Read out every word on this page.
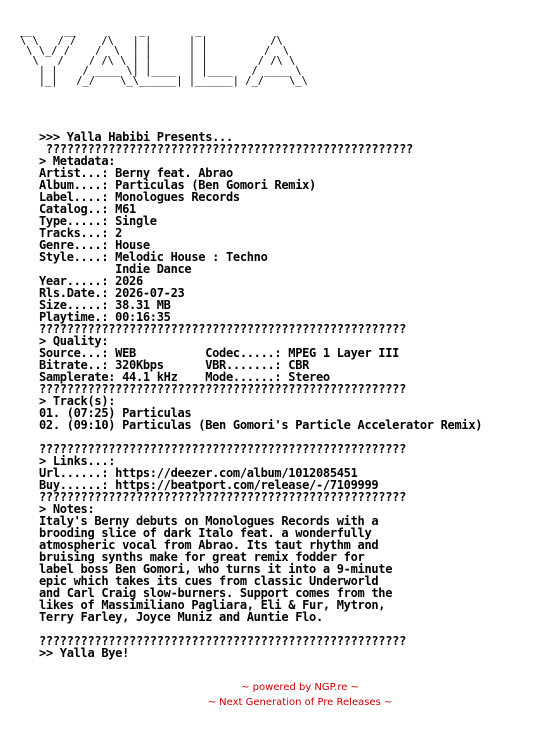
__     __          _        _
\ \   / /    /\   | |      | |          /\
\ \_/ /    /  \  | |      | |         /  \
\   /    / /\ \ | |      | |        / /\ \
| |    / ____ \| |____  | |____   / ____ \
|_|   /_/    \_\______| |______| /_/    \_\
>>> Yalla Habibi Presents...
?????????????????????????????????????????????????????
> Metadata:
Artist...: Berny feat. Abrao
Album....: Particulas (Ben Gomori Remix)
Label....: Monologues Records
Catalog..: M61
Type.....: Single
Tracks...: 2
Genre....: House
Style....: Melodic House : Techno
Indie Dance
Year.....: 2026
Rls.Date.: 2026-07-23
Size.....: 38.31 MB
Playtime.: 00:16:35
?????????????????????????????????????????????????????
> Quality:
Source...: WEB          Codec.....: MPEG 1 Layer III
Bitrate..: 320Kbps      VBR.......: CBR
Samplerate: 44.1 kHz    Mode......: Stereo
?????????????????????????????????????????????????????
> Track(s):
01. (07:25) Particulas
02. (09:10) Particulas (Ben Gomori's Particle Accelerator Remix)

?????????????????????????????????????????????????????
> Links...:
Url......: https://deezer.com/album/1012085451
Buy......: https://beatport.com/release/-/7109999
?????????????????????????????????????????????????????
> Notes:
Italy's Berny debuts on Monologues Records with a
brooding slice of dark Italo feat. a wonderfully
atmospheric vocal from Abrao. Its taut rhythm and
bruising synths make for great remix fodder for
label boss Ben Gomori, who turns it into a 9-minute
epic which takes its cues from classic Underworld
and Carl Craig slow-burners. Support comes from the
likes of Massimiliano Pagliara, Eli & Fur, Mytron,
Terry Farley, Joyce Muniz and Auntie Flo.

?????????????????????????????????????????????????????
>> Yalla Bye!
~ powered by NGP.re ~
~ Next Generation of Pre Releases ~
